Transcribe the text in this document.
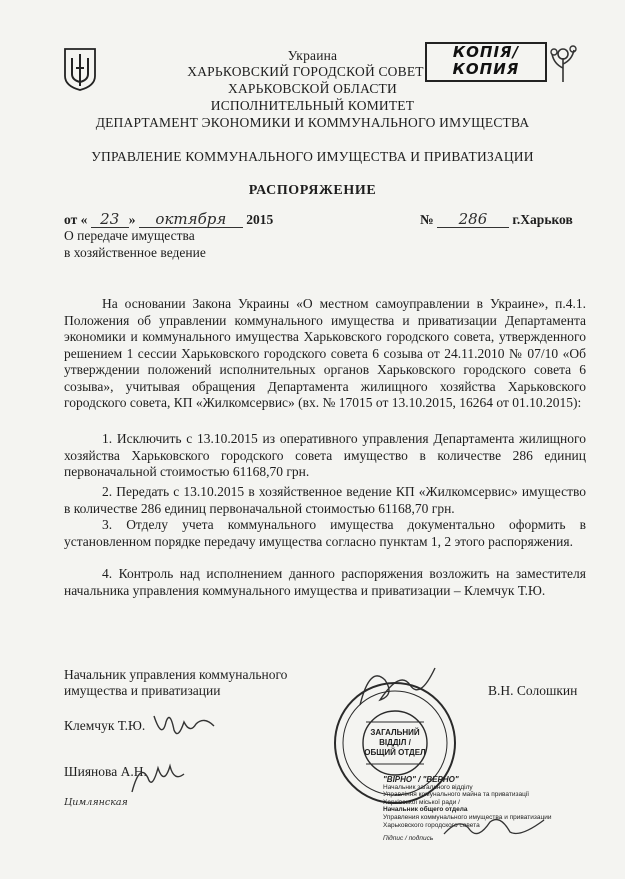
КОПІЯ/
КОПИЯ
Украина
ХАРЬКОВСКИЙ ГОРОДСКОЙ СОВЕТ
ХАРЬКОВСКОЙ ОБЛАСТИ
ИСПОЛНИТЕЛЬНЫЙ КОМИТЕТ
ДЕПАРТАМЕНТ ЭКОНОМИКИ И КОММУНАЛЬНОГО ИМУЩЕСТВА
УПРАВЛЕНИЕ КОММУНАЛЬНОГО ИМУЩЕСТВА И ПРИВАТИЗАЦИИ
РАСПОРЯЖЕНИЕ
от « 23 » октября 2015	№ 286 г.Харьков
О передаче имущества
в хозяйственное ведение
На основании Закона Украины «О местном самоуправлении в Украине», п.4.1. Положения об управлении коммунального имущества и приватизации Департамента экономики и коммунального имущества Харьковского городского совета, утвержденного решением 1 сессии Харьковского городского совета 6 созыва от 24.11.2010 № 07/10 «Об утверждении положений исполнительных органов Харьковского городского совета 6 созыва», учитывая обращения Департамента жилищного хозяйства Харьковского городского совета, КП «Жилкомсервис» (вх. № 17015 от 13.10.2015, 16264 от 01.10.2015):
1. Исключить с 13.10.2015 из оперативного управления Департамента жилищного хозяйства Харьковского городского совета имущество в количестве 286 единиц первоначальной стоимостью 61168,70 грн.
2. Передать с 13.10.2015 в хозяйственное ведение КП «Жилкомсервис» имущество в количестве 286 единиц первоначальной стоимостью 61168,70 грн.
3. Отделу учета коммунального имущества документально оформить в установленном порядке передачу имущества согласно пунктам 1, 2 этого распоряжения.
4. Контроль над исполнением данного распоряжения возложить на заместителя начальника управления коммунального имущества и приватизации – Клемчук Т.Ю.
Начальник управления коммунального
имущества и приватизации	В.Н. Солошкин
Клемчук Т.Ю.
Шиянова А.Н.
Цимлянская
ЗАГАЛЬНИЙ
ВІДДІЛ /
ОБЩИЙ ОТДЕЛ
"ВІРНО" / "ВЕРНО"
Начальник загального відділу
Управління комунального майна та приватизації
Харківської міської ради /
Начальник общего отдела
Управления коммунального имущества и приватизации
Харьковского городского совета
Підпис / подпись
